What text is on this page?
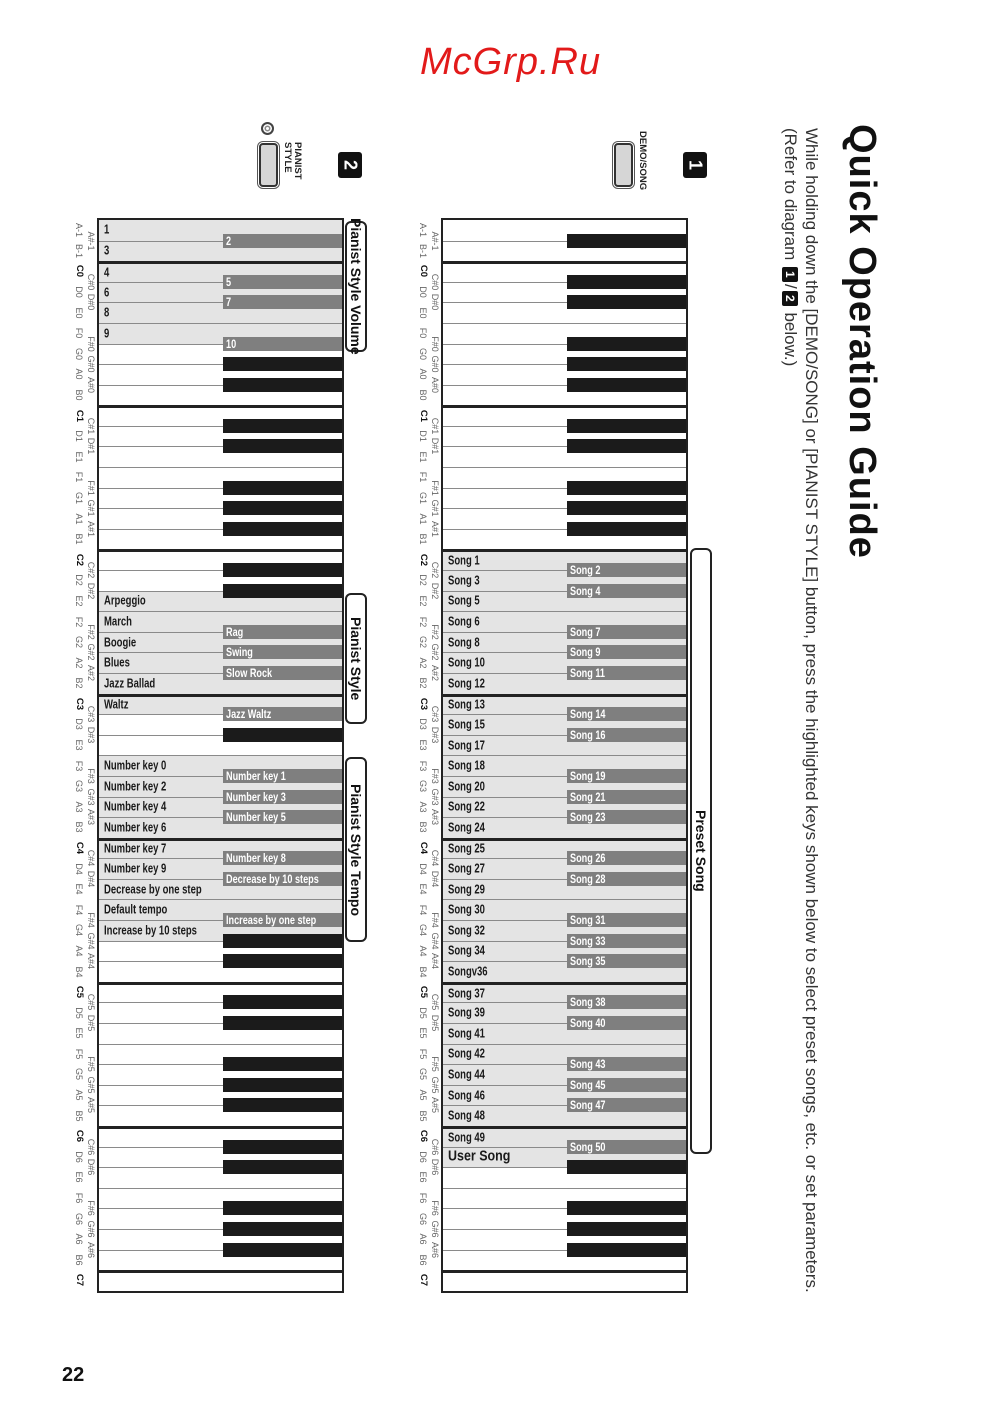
Quick Operation Guide
While holding down the [DEMO/SONG] or [PIANIST STYLE] button, press the highlighted keys shown below to select preset songs, etc. or set parameters.
(Refer to diagram 1/2 below.)
1
DEMO/SONG
2
PIANIST
STYLE
User Song
Song 49
Song 48
Song 46
Song 44
Song 42
Song 41
Song 39
Song 37
Songv36
Song 34
Song 32
Song 30
Song 29
Song 27
Song 25
Song 24
Song 22
Song 20
Song 18
Song 17
Song 15
Song 13
Song 12
Song 10
Song 8
Song 6
Song 5
Song 3
Song 1
Song 2
Song 4
Song 7
Song 9
Song 11
Song 14
Song 16
Song 19
Song 21
Song 23
Song 26
Song 28
Song 31
Song 33
Song 35
Song 38
Song 40
Song 43
Song 45
Song 47
Song 50
A-1
A#-1
B-1
C0
C#0
D0
D#0
E0
F0
F#0
G0
G#0
A0
A#0
B0
C1
C#1
D1
D#1
E1
F1
F#1
G1
G#1
A1
A#1
B1
C2
C#2
D2
D#2
E2
F2
F#2
G2
G#2
A2
A#2
B2
C3
C#3
D3
D#3
E3
F3
F#3
G3
G#3
A3
A#3
B3
C4
C#4
D4
D#4
E4
F4
F#4
G4
G#4
A4
A#4
B4
C5
C#5
D5
D#5
E5
F5
F#5
G5
G#5
A5
A#5
B5
C6
C#6
D6
D#6
E6
F6
F#6
G6
G#6
A6
A#6
B6
C7
Increase by 10 steps
Default tempo
Decrease by one step
Number key 9
Number key 7
Number key 6
Number key 4
Number key 2
Number key 0
Waltz
Jazz Ballad
Blues
Boogie
March
Arpeggio
9
8
6
4
3
1
2
5
7
10
Rag
Swing
Slow Rock
Jazz Waltz
Number key 1
Number key 3
Number key 5
Number key 8
Decrease by 10 steps
Increase by one step
A-1
A#-1
B-1
C0
C#0
D0
D#0
E0
F0
F#0
G0
G#0
A0
A#0
B0
C1
C#1
D1
D#1
E1
F1
F#1
G1
G#1
A1
A#1
B1
C2
C#2
D2
D#2
E2
F2
F#2
G2
G#2
A2
A#2
B2
C3
C#3
D3
D#3
E3
F3
F#3
G3
G#3
A3
A#3
B3
C4
C#4
D4
D#4
E4
F4
F#4
G4
G#4
A4
A#4
B4
C5
C#5
D5
D#5
E5
F5
F#5
G5
G#5
A5
A#5
B5
C6
C#6
D6
D#6
E6
F6
F#6
G6
G#6
A6
A#6
B6
C7
Preset Song
Pianist Style Volume
Pianist Style
Pianist Style Tempo
22
McGrp.Ru
